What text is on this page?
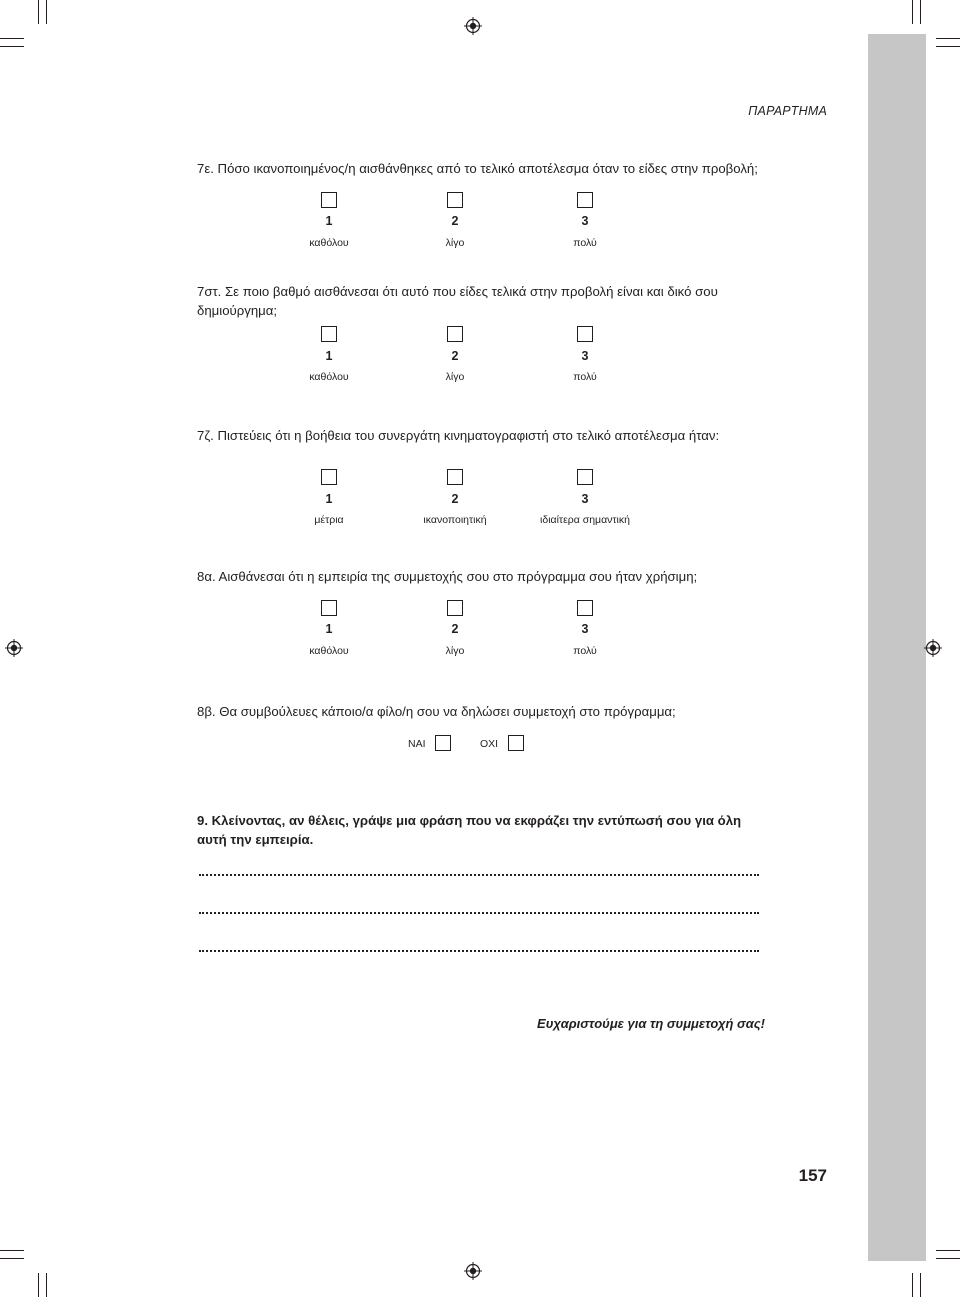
ΠΑΡΑΡΤΗΜΑ
7ε. Πόσο ικανοποιημένος/η αισθάνθηκες από το τελικό αποτέλεσμα όταν το είδες στην προβολή;
1	2	3
καθόλου	λίγο	πολύ
7στ. Σε ποιο βαθμό αισθάνεσαι ότι αυτό που είδες τελικά στην προβολή είναι και δικό σου δημιούργημα;
1	2	3
καθόλου	λίγο	πολύ
7ζ. Πιστεύεις ότι η βοήθεια του συνεργάτη κινηματογραφιστή στο τελικό αποτέλεσμα ήταν:
1	2	3
μέτρια	ικανοποιητική	ιδιαίτερα σημαντική
8α. Αισθάνεσαι ότι η εμπειρία της συμμετοχής σου στο πρόγραμμα σου ήταν χρήσιμη;
1	2	3
καθόλου	λίγο	πολύ
8β. Θα συμβούλευες κάποιο/α φίλο/η σου να δηλώσει συμμετοχή στο πρόγραμμα;
ΝΑΙ	ΟΧΙ
9. Κλείνοντας, αν θέλεις, γράψε μια φράση που να εκφράζει την εντύπωσή σου για όλη αυτή την εμπειρία.
Ευχαριστούμε για τη συμμετοχή σας!
157
